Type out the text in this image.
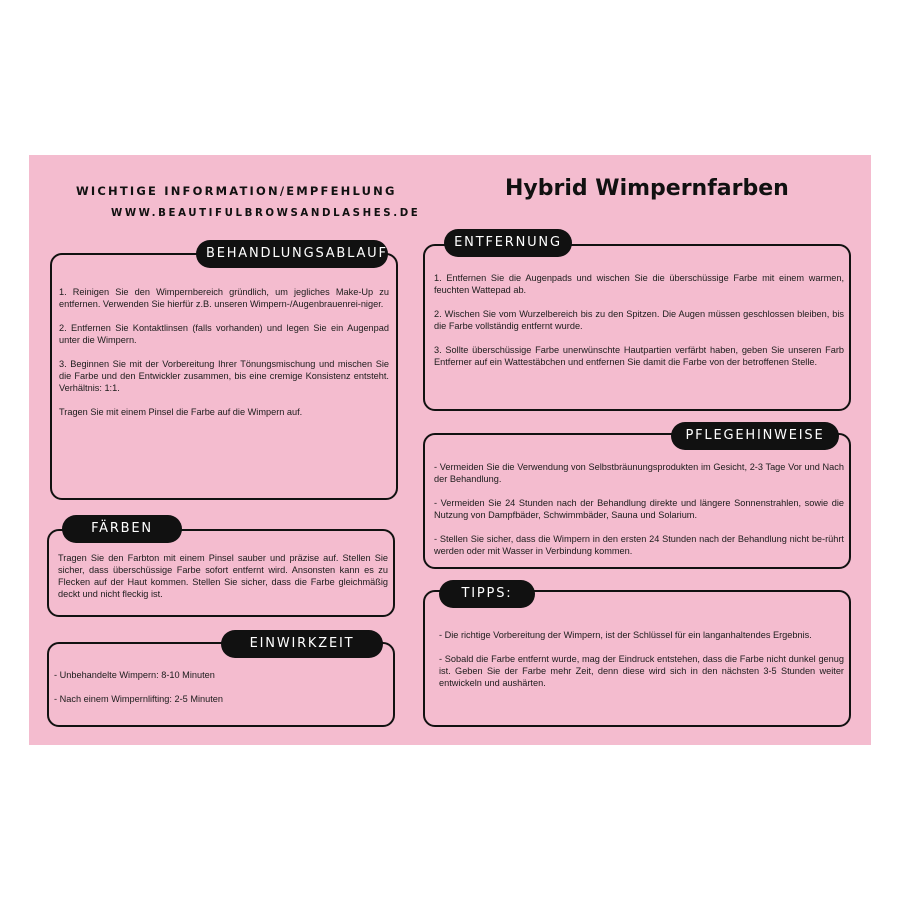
WICHTIGE INFORMATION/EMPFEHLUNG
WWW.BEAUTIFULBROWSANDLASHES.DE
Hybrid Wimpernfarben
BEHANDLUNGSABLAUF

1. Reinigen Sie den Wimpernbereich gründlich, um jegliches Make-Up zu entfernen. Verwenden Sie hierfür z.B. unseren Wimpern-/Augenbrauenrei-niger.

2. Entfernen Sie Kontaktlinsen (falls vorhanden) und legen Sie ein Augenpad unter die Wimpern.

3. Beginnen Sie mit der Vorbereitung Ihrer Tönungsmischung und mischen Sie die Farbe und den Entwickler zusammen, bis eine cremige Konsistenz entsteht. Verhältnis: 1:1.

Tragen Sie mit einem Pinsel die Farbe auf die Wimpern auf.

FÄRBEN

Tragen Sie den Farbton mit einem Pinsel sauber und präzise auf. Stellen Sie sicher, dass überschüssige Farbe sofort entfernt wird. Ansonsten kann es zu Flecken auf der Haut kommen. Stellen Sie sicher, dass die Farbe gleichmäßig deckt und nicht fleckig ist.

EINWIRKZEIT

- Unbehandelte Wimpern: 8-10 Minuten

- Nach einem Wimpernlifting: 2-5 Minuten

ENTFERNUNG

1. Entfernen Sie die Augenpads und wischen Sie die überschüssige Farbe mit einem warmen, feuchten Wattepad ab.

2. Wischen Sie vom Wurzelbereich bis zu den Spitzen. Die Augen müssen geschlossen bleiben, bis die Farbe vollständig entfernt wurde.

3. Sollte überschüssige Farbe unerwünschte Hautpartien verfärbt haben, geben Sie unseren Farb Entferner auf ein Wattestäbchen und entfernen Sie damit die Farbe von der betroffenen Stelle.

PFLEGEHINWEISE

- Vermeiden Sie die Verwendung von Selbstbräunungsprodukten im Gesicht, 2-3 Tage Vor und Nach der Behandlung.

- Vermeiden Sie 24 Stunden nach der Behandlung direkte und längere Sonnenstrahlen, sowie die Nutzung von Dampfbäder, Schwimmbäder, Sauna und Solarium.

- Stellen Sie sicher, dass die Wimpern in den ersten 24 Stunden nach der Behandlung nicht be-rührt werden oder mit Wasser in Verbindung kommen.

TIPPS:

- Die richtige Vorbereitung der Wimpern, ist der Schlüssel für ein langanhaltendes Ergebnis.

- Sobald die Farbe entfernt wurde, mag der Eindruck entstehen, dass die Farbe nicht dunkel genug ist. Geben Sie der Farbe mehr Zeit, denn diese wird sich in den nächsten 3-5 Stunden weiter entwickeln und aushärten.
